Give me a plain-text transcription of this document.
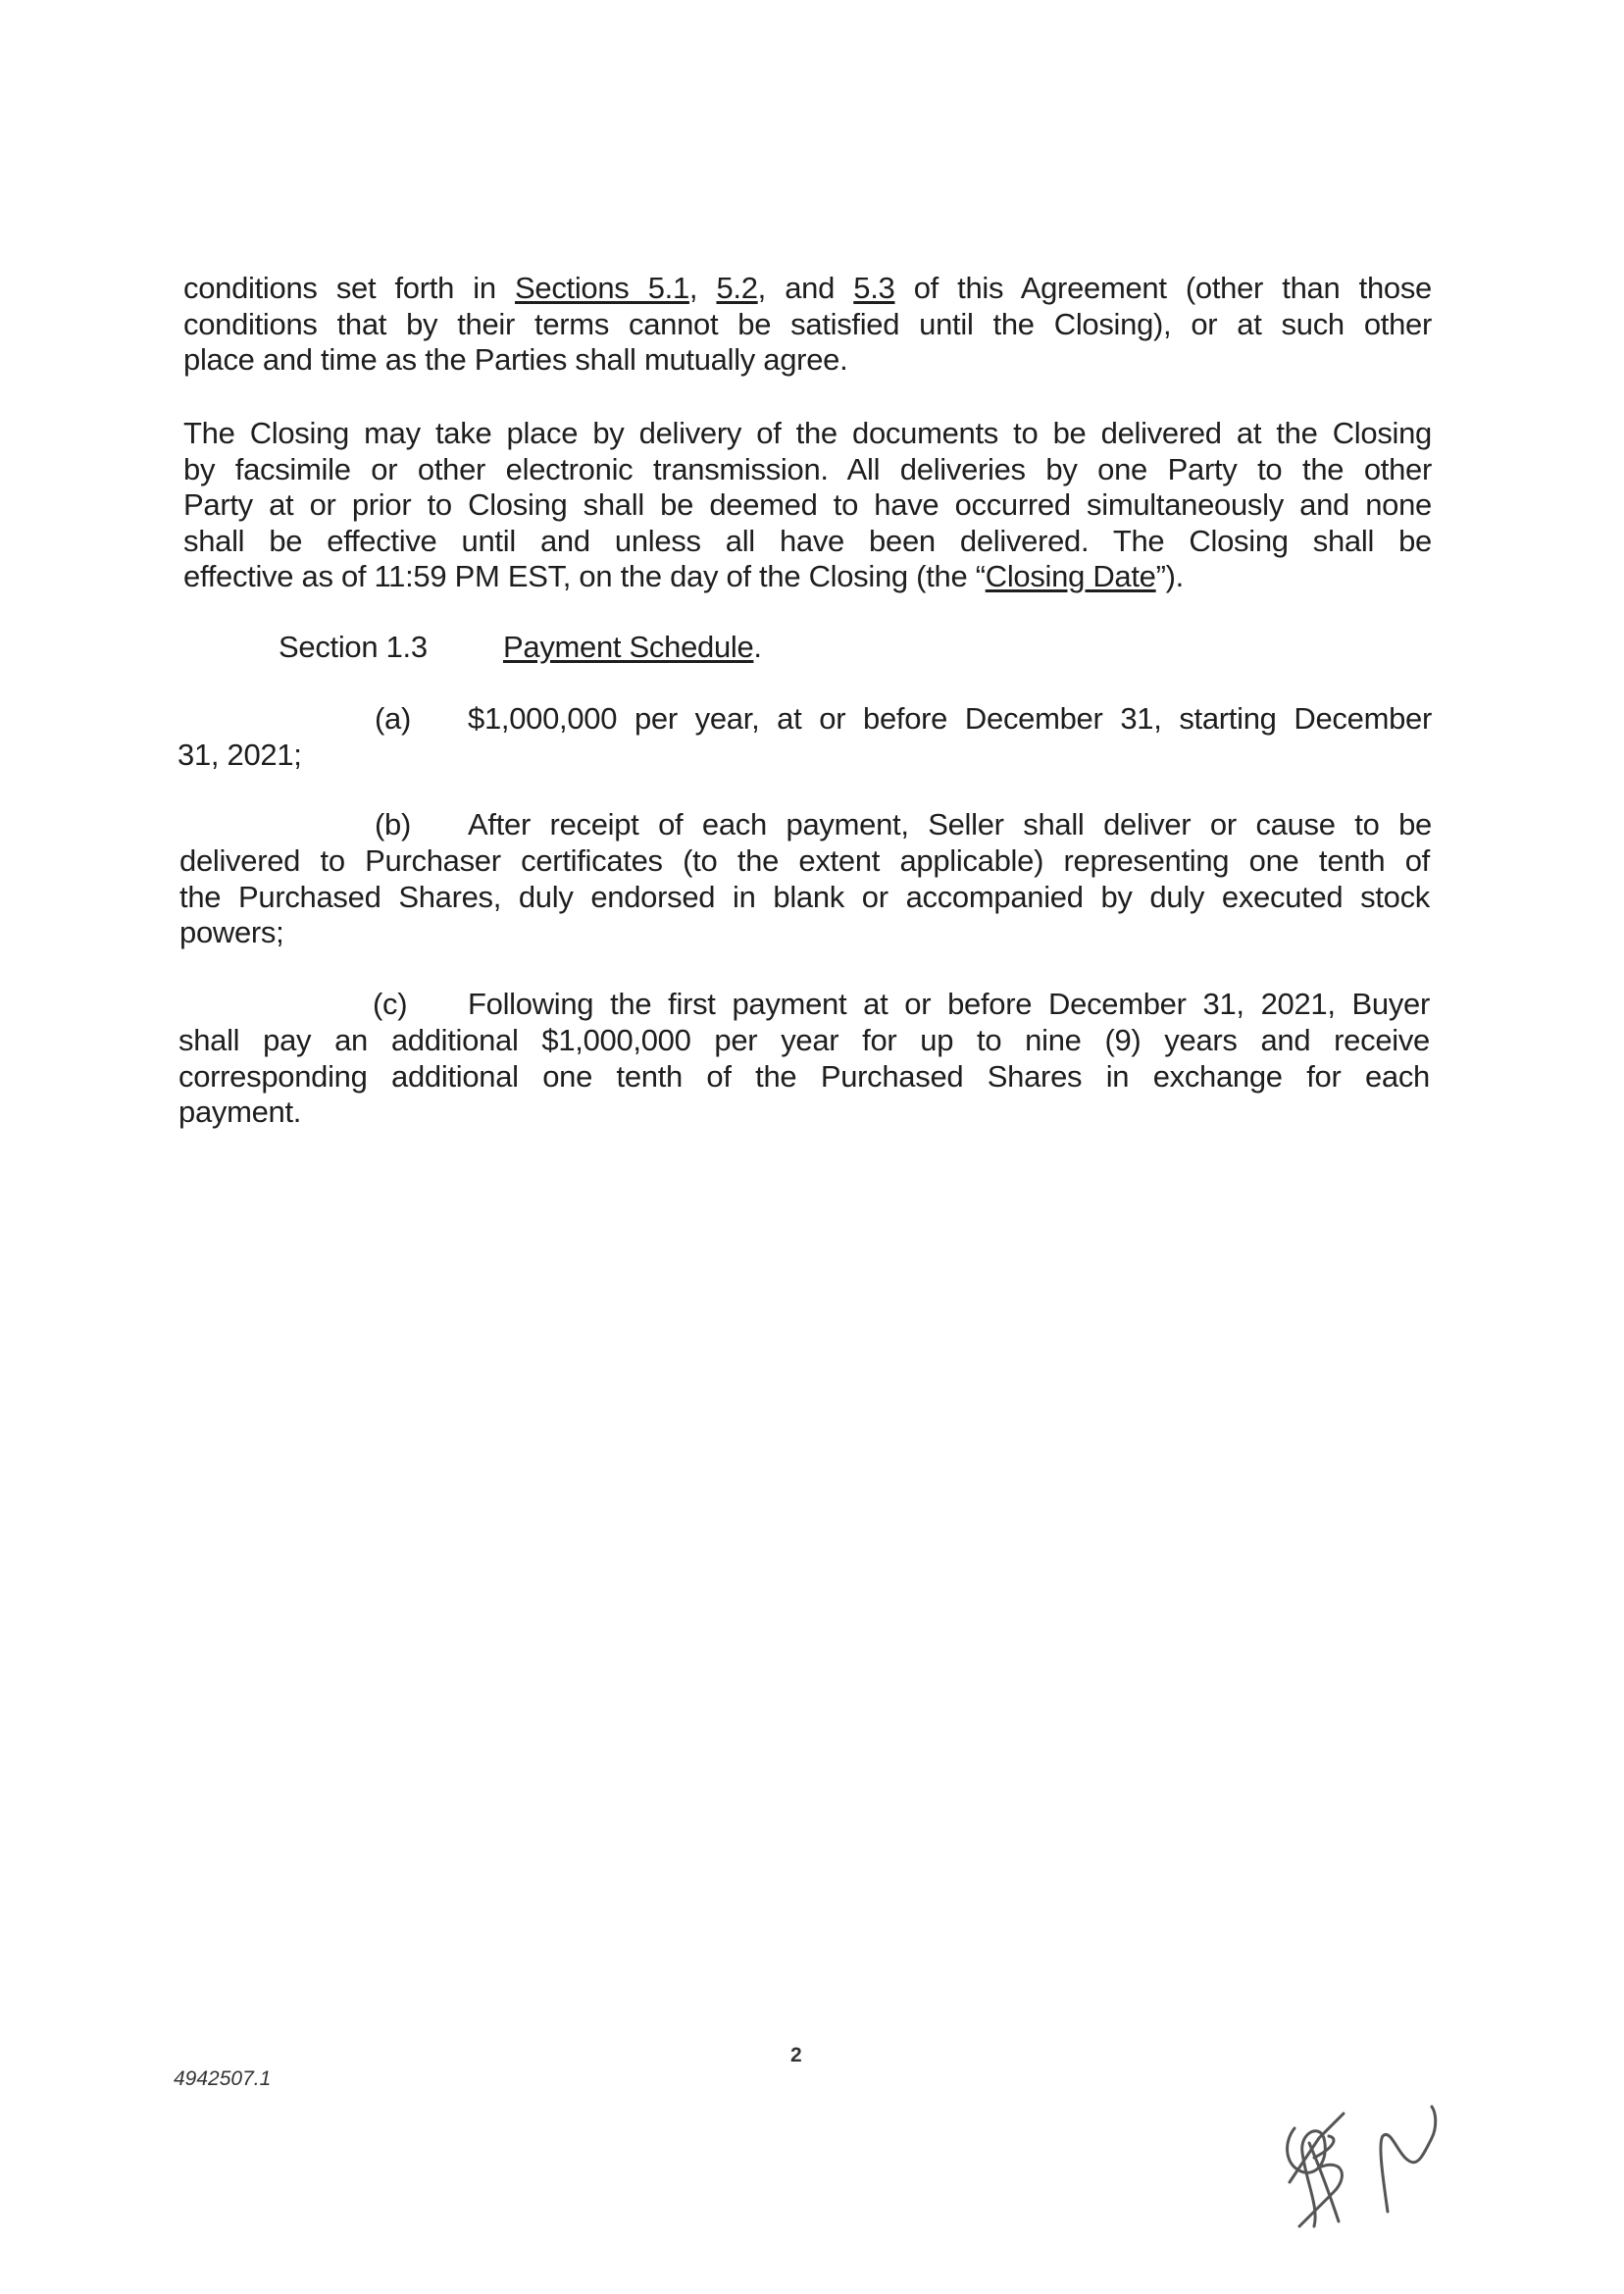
conditions set forth in Sections 5.1, 5.2, and 5.3 of this Agreement (other than those
conditions that by their terms cannot be satisfied until the Closing), or at such other
place and time as the Parties shall mutually agree.
The Closing may take place by delivery of the documents to be delivered at the Closing
by facsimile or other electronic transmission. All deliveries by one Party to the other
Party at or prior to Closing shall be deemed to have occurred simultaneously and none
shall be effective until and unless all have been delivered. The Closing shall be
effective as of 11:59 PM EST, on the day of the Closing (the “Closing Date”).
Section 1.3 Payment Schedule.
(a) $1,000,000 per year, at or before December 31, starting December
31, 2021;
(b) After receipt of each payment, Seller shall deliver or cause to be
delivered to Purchaser certificates (to the extent applicable) representing one tenth of
the Purchased Shares, duly endorsed in blank or accompanied by duly executed stock
powers;
(c) Following the first payment at or before December 31, 2021, Buyer
shall pay an additional $1,000,000 per year for up to nine (9) years and receive
corresponding additional one tenth of the Purchased Shares in exchange for each
payment.
2
4942507.1
